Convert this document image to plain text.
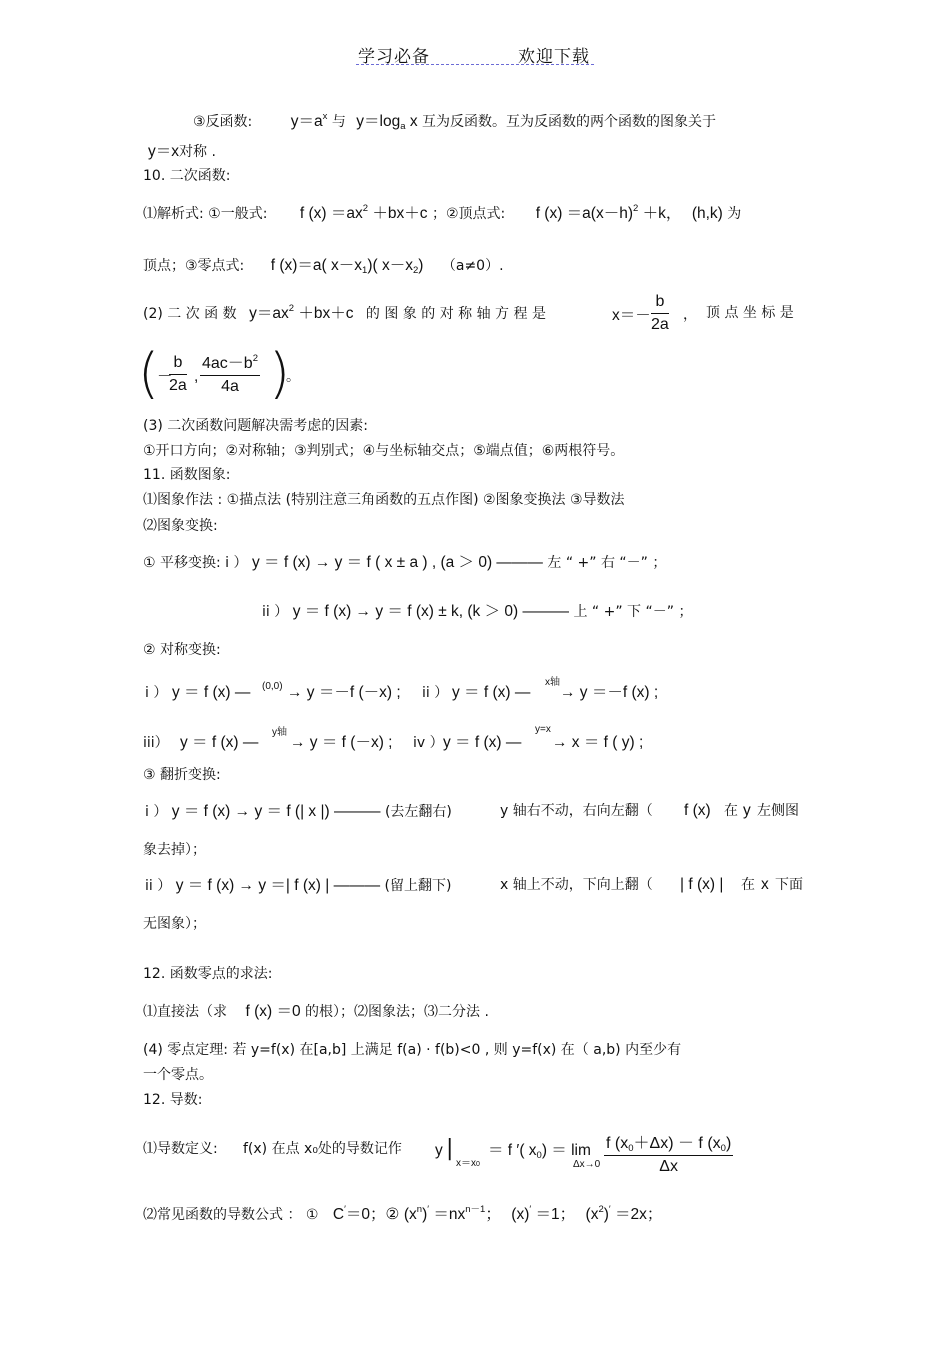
学习必备	欢迎下载
③反函数: $y=a^x$ 与 $y=\log_a$ x 互为反函数。互为反函数的两个函数的图象关于
y＝x对称 .
10. 二次函数:
⑴解析式: ①一般式: f $(x) =ax^2 +bx+c$ ；②顶点式: f $(x) =a(x-h)^2 +k$， (h,k) 为
顶点；③零点式: f (x)＝a( $x-x_1$)( $x-x_2$) （a≠0）.
(2) 二 次 函 数 $y=ax^2 +bx+c$ 的 图 象 的 对 称 轴 方 程 是	$x=- \frac{b}{2a}$ ， 顶 点 坐 标 是
(
－
$\frac{b}{2a}$ , $\frac{4ac-b^2}{4a}$ )
。
(3) 二次函数问题解决需考虑的因素:
①开口方向；②对称轴；③判别式；④与坐标轴交点；⑤端点值；⑥两根符号。
11. 函数图象:
⑴图象作法 : ①描点法 (特别注意三角函数的五点作图) ②图象变换法 ③导数法
⑵图象变换:
① 平移变换: i ） y ＝ f (x) → y ＝ f ( x ± a ) , (a ＞ 0) ——— 左 “ +” 右 “－” ；
ii ） y ＝ f (x) → y ＝ f (x) ± k, (k ＞ 0) ——— 上 “ +” 下 “－” ；
② 对称变换:
i ） y ＝ f (x) — (0,0) → y ＝－f (－x) ; ii ） y ＝ f (x) —
x轴
→ y ＝－f (x) ;
iii） y ＝ f (x) —
y轴
→ y ＝ f (－x) ; iv ） y ＝ f (x) —
y=x
→ x ＝ f ( y) ;
③ 翻折变换:
i ） y ＝ f (x) → y ＝ f (| x |) ——— (去左翻右)	y 轴右不动，右向左翻（ f (x) 在 y 左侧图
象去掉）；
ii ） y ＝ f (x) → y ＝| f (x) | ——— (留上翻下)	x 轴上不动，下向上翻（ | f (x) | 在 x 下面
无图象）；
12. 函数零点的求法:
⑴直接法（求 f (x) ＝0 的根）；⑵图象法；⑶二分法 .
(4) 零点定理: 若 y=f(x) 在[a,b] 上满足 f(a) · f(b)<0 , 则 y=f(x) 在（ a,b) 内至少有
一个零点。
12. 导数:
⑴导数定义: f(x) 在点 x₀处的导数记作 y |
x＝x0
＝ f ′( $x_0) = \lim$
$\Delta x\to 0 \frac{f (x_0+\Delta x) - f (x_0)}{\Delta x}$
⑵常见函数的导数公式 ： ① C′＝0；② $(x^n)' =nx^{n-1}$； (x)′ ＝1； $(x^2)' =2x$；
